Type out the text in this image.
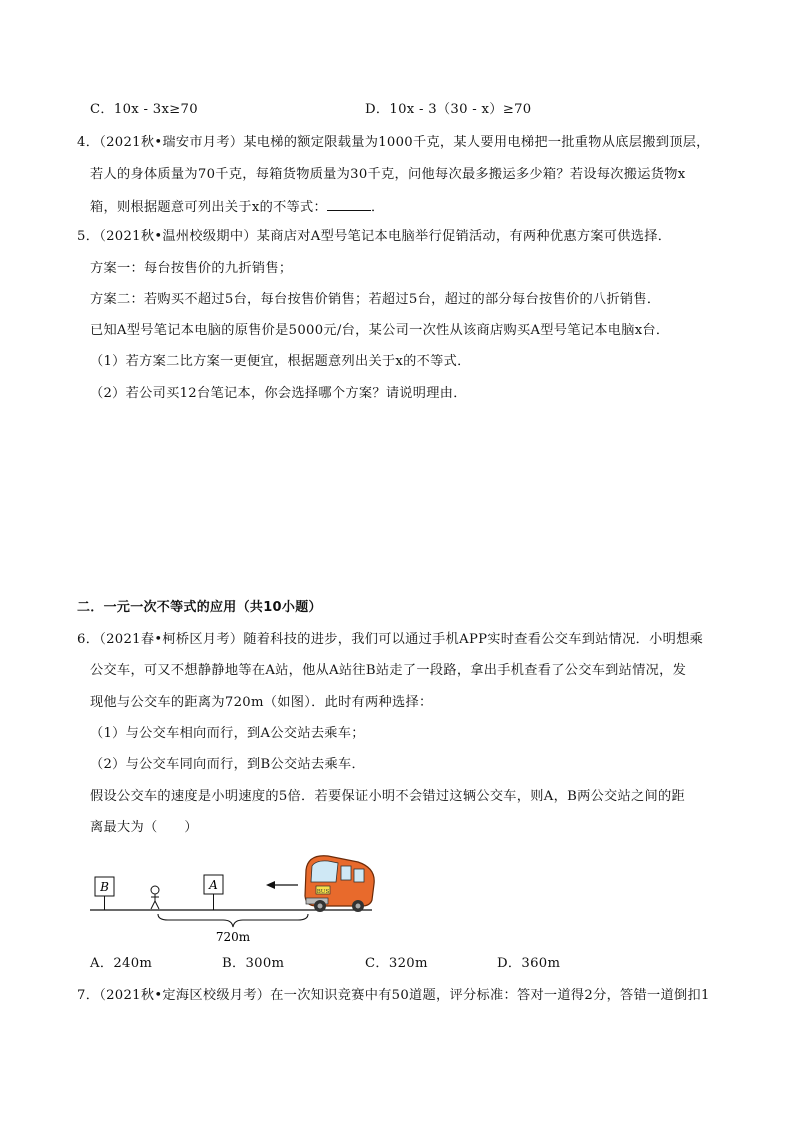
C．10x - 3x≥70	D．10x - 3（30 - x）≥70
4．（2021秋•瑞安市月考）某电梯的额定限载量为1000千克，某人要用电梯把一批重物从底层搬到顶层，
若人的身体质量为70千克，每箱货物质量为30千克，问他每次最多搬运多少箱？若设每次搬运货物x
箱，则根据题意可列出关于x的不等式：	．
5．（2021秋•温州校级期中）某商店对A型号笔记本电脑举行促销活动，有两种优惠方案可供选择．
方案一：每台按售价的九折销售；
方案二：若购买不超过5台，每台按售价销售；若超过5台，超过的部分每台按售价的八折销售．
已知A型号笔记本电脑的原售价是5000元/台，某公司一次性从该商店购买A型号笔记本电脑x台．
（1）若方案二比方案一更便宜，根据题意列出关于x的不等式．
（2）若公司买12台笔记本，你会选择哪个方案？请说明理由．
二．一元一次不等式的应用（共10小题）
6．（2021春•柯桥区月考）随着科技的进步，我们可以通过手机APP实时查看公交车到站情况．小明想乘
公交车，可又不想静静地等在A站，他从A站往B站走了一段路，拿出手机查看了公交车到站情况，发
现他与公交车的距离为720m（如图）．此时有两种选择：
（1）与公交车相向而行，到A公交站去乘车；
（2）与公交车同向而行，到B公交站去乘车．
假设公交车的速度是小明速度的5倍．若要保证小明不会错过这辆公交车，则A，B两公交站之间的距
离最大为（　　）
B	A
720m
BUS
A．240m	B．300m	C．320m	D．360m
7．（2021秋•定海区校级月考）在一次知识竞赛中有50道题，评分标准：答对一道得2分，答错一道倒扣1
